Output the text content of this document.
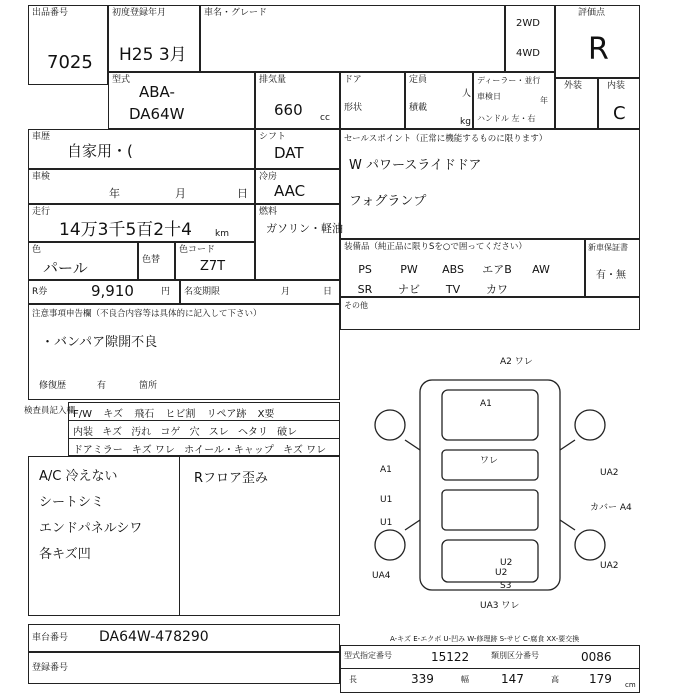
出品番号
7025
初度登録年月
H25 3月
車名・グレード
2WD
4WD
評価点
R
型式
ABA-
DA64W
排気量
660 cc
ドア
形状
定員
人
積載
kg
ディーラー・並行
車検日	年
ハンドル 左・右
外装	内装
C
車歴
自家用・(
シフト
DAT
車検
年	月	日
冷房
AAC
走行
14万3千5百2十4	km
燃料
ガソリン・軽油
色
パール	色替
色コード
Z7T
R券	9,910	円 名変期限	月	日
注意事項申告欄（不良合内容等は具体的に記入して下さい）
・バンパア隙開不良
修復歴	有	箇所
セールスポイント（正常に機能するものに限ります）
W パワースライドドア
フォグランプ
装備品（純正品に限りSを○で囲ってください）
PS	PW ABS エアB AW
SR ナビ TV カワ
新車保証書
有・無
その他
検査員記入欄
F/W キズ 飛石 ヒビ割 リペア跡 X要
内装 キズ 汚れ コゲ 穴 スレ ヘタリ 破レ
ドアミラー キズ ワレ ホイール・キャップ キズ ワレ
A/C 冷えない
シートシミ
エンドパネルシワ
各キズ凹
Rフロア歪み
A2 ワレ
A1
ワレ
A1
U1
U1
U2
UA2
カバー A4
UA4
U2
S3
UA3 ワレ
UA2
A-キズ E-エクボ U-凹み W-修理跡 S-サビ C-腐食 XX-要交換
車台番号 DA64W-478290
登録番号
型式指定番号	15122	類別区分番号	0086
長	339	幅	147	高	179 cm
